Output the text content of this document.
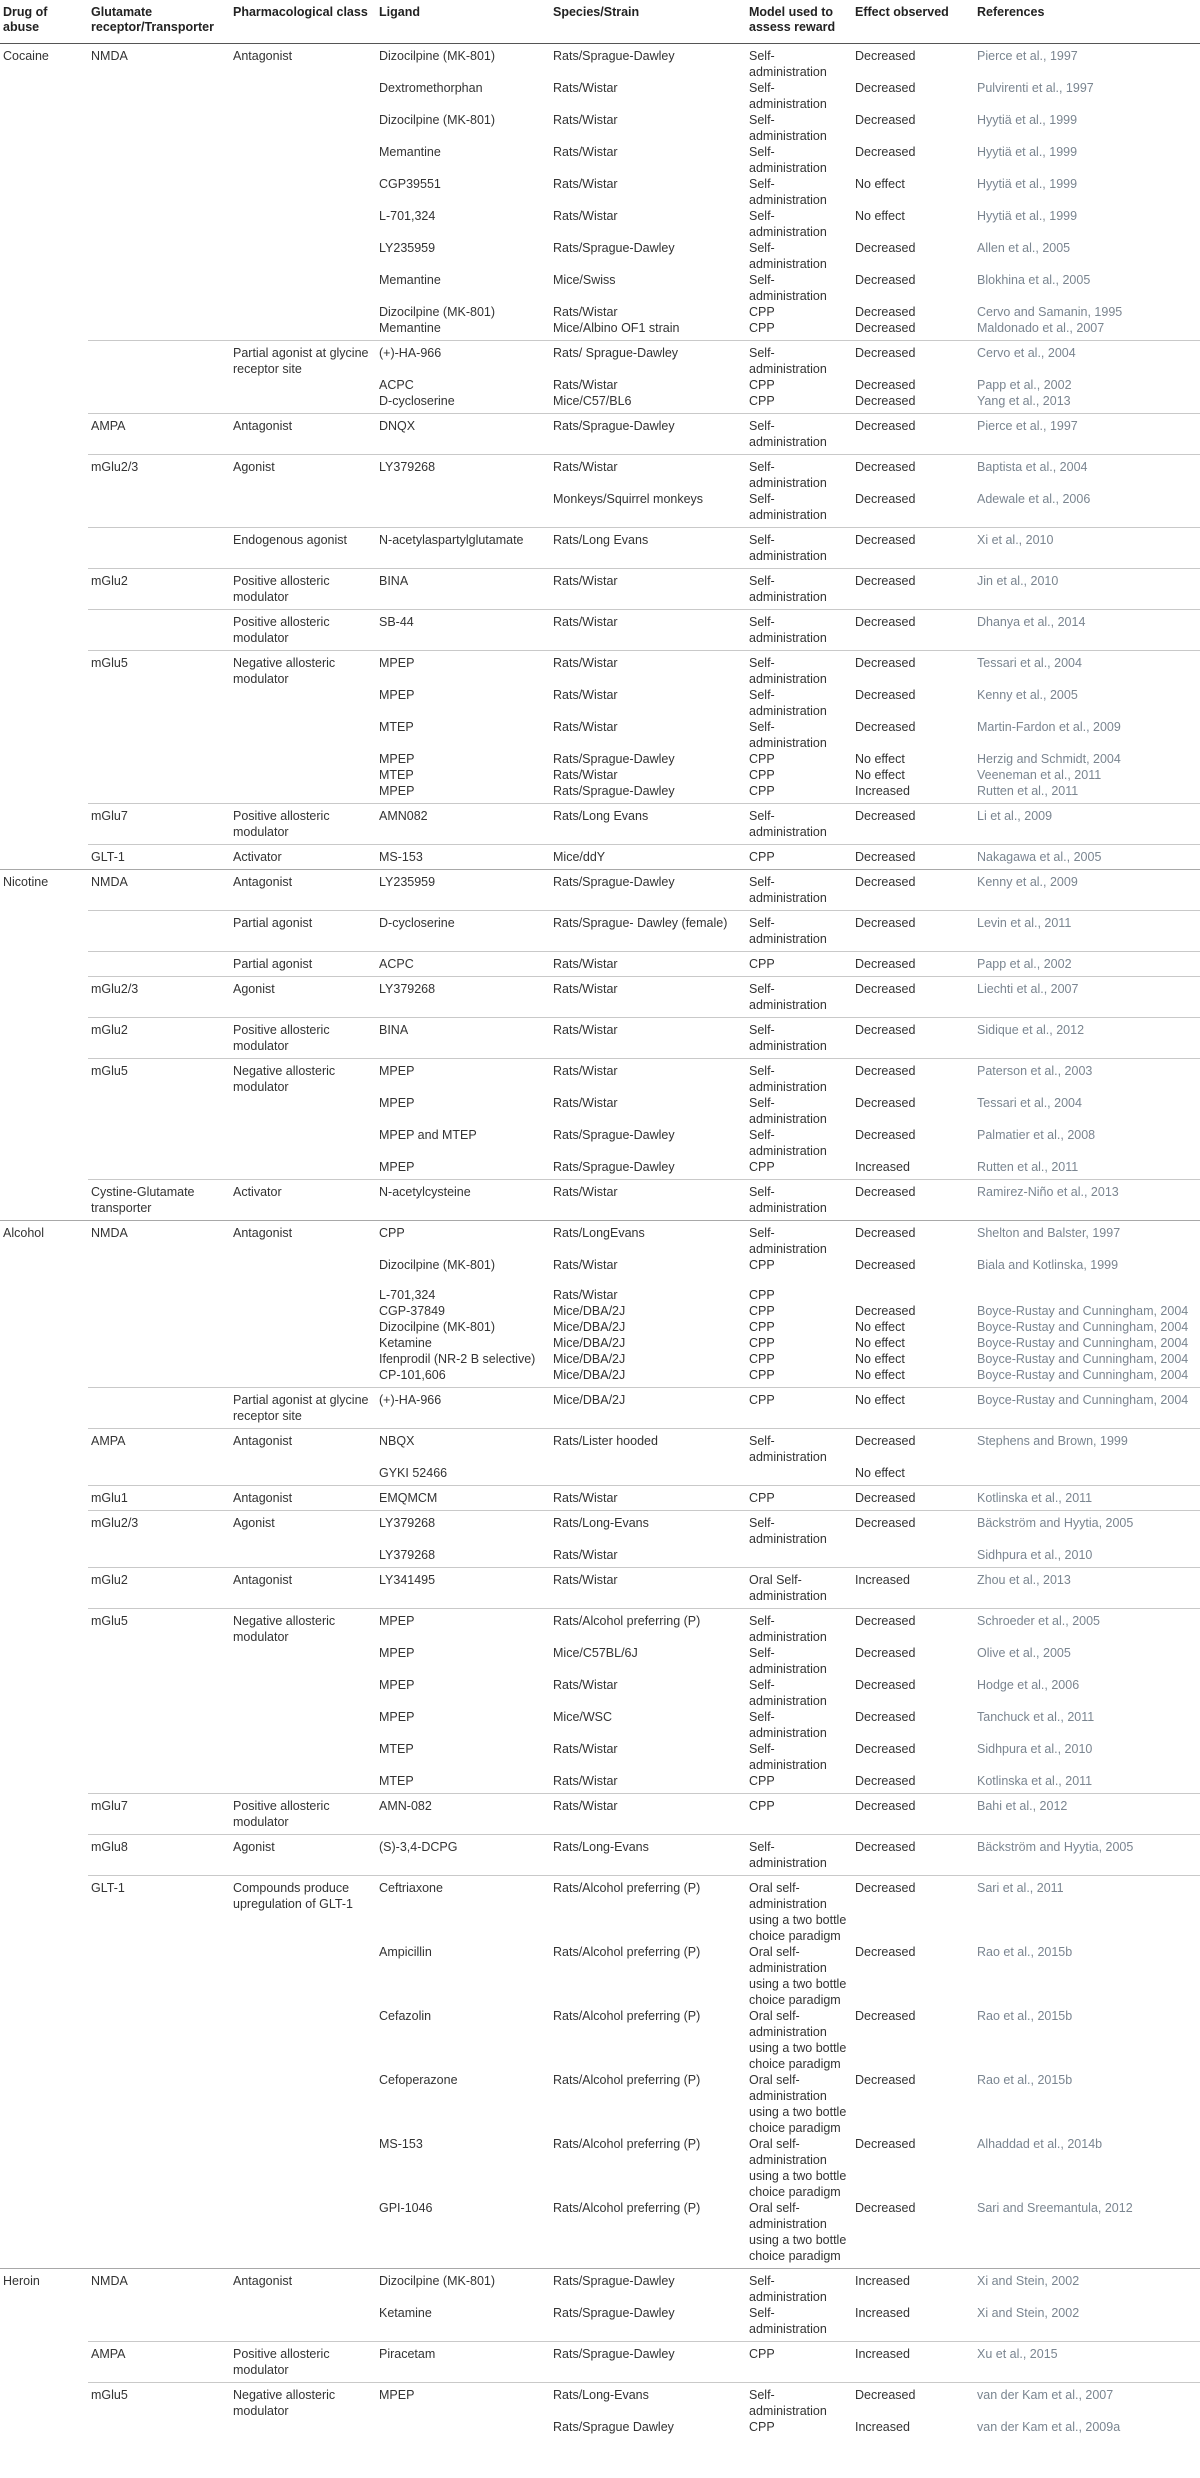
Drug of abuse	Glutamate receptor/Transporter	Pharmacological class	Ligand	Species/Strain	Model used to assess reward	Effect observed	References
Cocaine	NMDA	Antagonist	Dizocilpine (MK-801)	Rats/Sprague-Dawley	Self-administration	Decreased	Pierce et al., 1997
			Dextromethorphan	Rats/Wistar	Self-administration	Decreased	Pulvirenti et al., 1997
			Dizocilpine (MK-801)	Rats/Wistar	Self-administration	Decreased	Hyytiä et al., 1999
			Memantine	Rats/Wistar	Self-administration	Decreased	Hyytiä et al., 1999
			CGP39551	Rats/Wistar	Self-administration	No effect	Hyytiä et al., 1999
			L-701,324	Rats/Wistar	Self-administration	No effect	Hyytiä et al., 1999
			LY235959	Rats/Sprague-Dawley	Self-administration	Decreased	Allen et al., 2005
			Memantine	Mice/Swiss	Self-administration	Decreased	Blokhina et al., 2005
			Dizocilpine (MK-801)	Rats/Wistar	CPP	Decreased	Cervo and Samanin, 1995
			Memantine	Mice/Albino OF1 strain	CPP	Decreased	Maldonado et al., 2007
		Partial agonist at glycine receptor site	(+)-HA-966	Rats/ Sprague-Dawley	Self-administration	Decreased	Cervo et al., 2004
			ACPC	Rats/Wistar	CPP	Decreased	Papp et al., 2002
			D-cycloserine	Mice/C57/BL6	CPP	Decreased	Yang et al., 2013
	AMPA	Antagonist	DNQX	Rats/Sprague-Dawley	Self-administration	Decreased	Pierce et al., 1997
	mGlu2/3	Agonist	LY379268	Rats/Wistar	Self-administration	Decreased	Baptista et al., 2004
				Monkeys/Squirrel monkeys	Self-administration	Decreased	Adewale et al., 2006
		Endogenous agonist	N-acetylaspartylglutamate	Rats/Long Evans	Self-administration	Decreased	Xi et al., 2010
	mGlu2	Positive allosteric modulator	BINA	Rats/Wistar	Self-administration	Decreased	Jin et al., 2010
		Positive allosteric modulator	SB-44	Rats/Wistar	Self-administration	Decreased	Dhanya et al., 2014
	mGlu5	Negative allosteric modulator	MPEP	Rats/Wistar	Self-administration	Decreased	Tessari et al., 2004
			MPEP	Rats/Wistar	Self-administration	Decreased	Kenny et al., 2005
			MTEP	Rats/Wistar	Self-administration	Decreased	Martin-Fardon et al., 2009
			MPEP	Rats/Sprague-Dawley	CPP	No effect	Herzig and Schmidt, 2004
			MTEP	Rats/Wistar	CPP	No effect	Veeneman et al., 2011
			MPEP	Rats/Sprague-Dawley	CPP	Increased	Rutten et al., 2011
	mGlu7	Positive allosteric modulator	AMN082	Rats/Long Evans	Self-administration	Decreased	Li et al., 2009
	GLT-1	Activator	MS-153	Mice/ddY	CPP	Decreased	Nakagawa et al., 2005
Nicotine	NMDA	Antagonist	LY235959	Rats/Sprague-Dawley	Self-administration	Decreased	Kenny et al., 2009
		Partial agonist	D-cycloserine	Rats/Sprague- Dawley (female)	Self-administration	Decreased	Levin et al., 2011
		Partial agonist	ACPC	Rats/Wistar	CPP	Decreased	Papp et al., 2002
	mGlu2/3	Agonist	LY379268	Rats/Wistar	Self-administration	Decreased	Liechti et al., 2007
	mGlu2	Positive allosteric modulator	BINA	Rats/Wistar	Self-administration	Decreased	Sidique et al., 2012
	mGlu5	Negative allosteric modulator	MPEP	Rats/Wistar	Self-administration	Decreased	Paterson et al., 2003
			MPEP	Rats/Wistar	Self-administration	Decreased	Tessari et al., 2004
			MPEP and MTEP	Rats/Sprague-Dawley	Self-administration	Decreased	Palmatier et al., 2008
			MPEP	Rats/Sprague-Dawley	CPP	Increased	Rutten et al., 2011
	Cystine-Glutamate transporter	Activator	N-acetylcysteine	Rats/Wistar	Self-administration	Decreased	Ramirez-Niño et al., 2013
Alcohol	NMDA	Antagonist	CPP	Rats/LongEvans	Self-administration	Decreased	Shelton and Balster, 1997
			Dizocilpine (MK-801)	Rats/Wistar	CPP	Decreased	Biala and Kotlinska, 1999
			L-701,324	Rats/Wistar	CPP		
			CGP-37849	Mice/DBA/2J	CPP	Decreased	Boyce-Rustay and Cunningham, 2004
			Dizocilpine (MK-801)	Mice/DBA/2J	CPP	No effect	Boyce-Rustay and Cunningham, 2004
			Ketamine	Mice/DBA/2J	CPP	No effect	Boyce-Rustay and Cunningham, 2004
			Ifenprodil (NR-2 B selective)	Mice/DBA/2J	CPP	No effect	Boyce-Rustay and Cunningham, 2004
			CP-101,606	Mice/DBA/2J	CPP	No effect	Boyce-Rustay and Cunningham, 2004
		Partial agonist at glycine receptor site	(+)-HA-966	Mice/DBA/2J	CPP	No effect	Boyce-Rustay and Cunningham, 2004
	AMPA	Antagonist	NBQX	Rats/Lister hooded	Self-administration	Decreased	Stephens and Brown, 1999
			GYKI 52466			No effect	
	mGlu1	Antagonist	EMQMCM	Rats/Wistar	CPP	Decreased	Kotlinska et al., 2011
	mGlu2/3	Agonist	LY379268	Rats/Long-Evans	Self-administration	Decreased	Bäckström and Hyytia, 2005
			LY379268	Rats/Wistar			Sidhpura et al., 2010
	mGlu2	Antagonist	LY341495	Rats/Wistar	Oral Self-administration	Increased	Zhou et al., 2013
	mGlu5	Negative allosteric modulator	MPEP	Rats/Alcohol preferring (P)	Self-administration	Decreased	Schroeder et al., 2005
			MPEP	Mice/C57BL/6J	Self-administration	Decreased	Olive et al., 2005
			MPEP	Rats/Wistar	Self-administration	Decreased	Hodge et al., 2006
			MPEP	Mice/WSC	Self-administration	Decreased	Tanchuck et al., 2011
			MTEP	Rats/Wistar	Self-administration	Decreased	Sidhpura et al., 2010
			MTEP	Rats/Wistar	CPP	Decreased	Kotlinska et al., 2011
	mGlu7	Positive allosteric modulator	AMN-082	Rats/Wistar	CPP	Decreased	Bahi et al., 2012
	mGlu8	Agonist	(S)-3,4-DCPG	Rats/Long-Evans	Self-administration	Decreased	Bäckström and Hyytia, 2005
	GLT-1	Compounds produce upregulation of GLT-1	Ceftriaxone	Rats/Alcohol preferring (P)	Oral self-administration using a two bottle choice paradigm	Decreased	Sari et al., 2011
			Ampicillin	Rats/Alcohol preferring (P)	Oral self-administration using a two bottle choice paradigm	Decreased	Rao et al., 2015b
			Cefazolin	Rats/Alcohol preferring (P)	Oral self-administration using a two bottle choice paradigm	Decreased	Rao et al., 2015b
			Cefoperazone	Rats/Alcohol preferring (P)	Oral self-administration using a two bottle choice paradigm	Decreased	Rao et al., 2015b
			MS-153	Rats/Alcohol preferring (P)	Oral self-administration using a two bottle choice paradigm	Decreased	Alhaddad et al., 2014b
			GPI-1046	Rats/Alcohol preferring (P)	Oral self-administration using a two bottle choice paradigm	Decreased	Sari and Sreemantula, 2012
Heroin	NMDA	Antagonist	Dizocilpine (MK-801)	Rats/Sprague-Dawley	Self-administration	Increased	Xi and Stein, 2002
			Ketamine	Rats/Sprague-Dawley	Self-administration	Increased	Xi and Stein, 2002
	AMPA	Positive allosteric modulator	Piracetam	Rats/Sprague-Dawley	CPP	Increased	Xu et al., 2015
	mGlu5	Negative allosteric modulator	MPEP	Rats/Long-Evans	Self-administration	Decreased	van der Kam et al., 2007
				Rats/Sprague Dawley	CPP	Increased	van der Kam et al., 2009a
